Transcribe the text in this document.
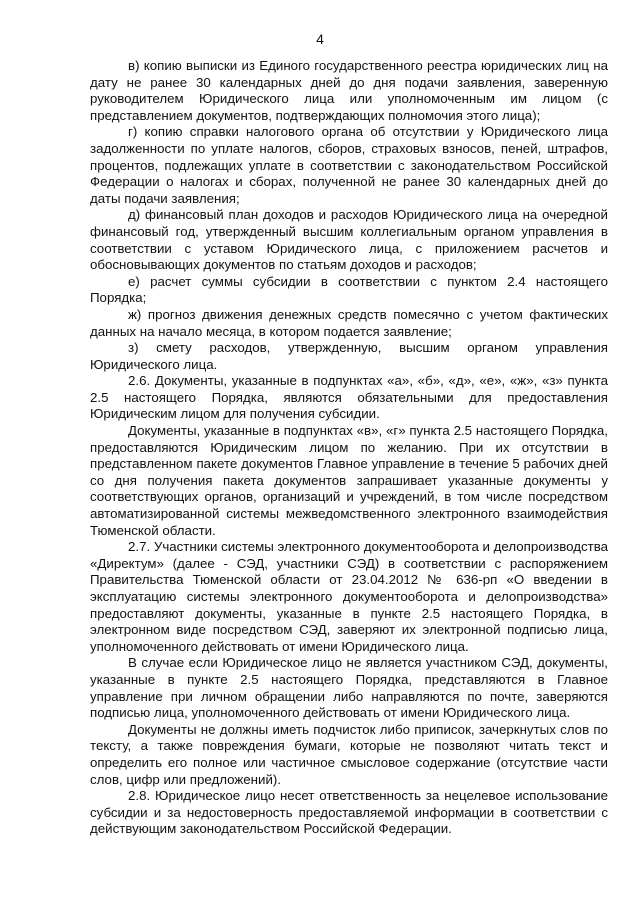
4

в) копию выписки из Единого государственного реестра юридических лиц на дату не ранее 30 календарных дней до дня подачи заявления, заверенную руководителем Юридического лица или уполномоченным им лицом (с представлением документов, подтверждающих полномочия этого лица);

г) копию справки налогового органа об отсутствии у Юридического лица задолженности по уплате налогов, сборов, страховых взносов, пеней, штрафов, процентов, подлежащих уплате в соответствии с законодательством Российской Федерации о налогах и сборах, полученной не ранее 30 календарных дней до даты подачи заявления;

д) финансовый план доходов и расходов Юридического лица на очередной финансовый год, утвержденный высшим коллегиальным органом управления в соответствии с уставом Юридического лица, с приложением расчетов и обосновывающих документов по статьям доходов и расходов;

е) расчет суммы субсидии в соответствии с пунктом 2.4 настоящего Порядка;

ж) прогноз движения денежных средств помесячно с учетом фактических данных на начало месяца, в котором подается заявление;

з) смету расходов, утвержденную, высшим органом управления Юридического лица.

2.6. Документы, указанные в подпунктах «а», «б», «д», «е», «ж», «з» пункта 2.5 настоящего Порядка, являются обязательными для предоставления Юридическим лицом для получения субсидии.

Документы, указанные в подпунктах «в», «г» пункта 2.5 настоящего Порядка, предоставляются Юридическим лицом по желанию. При их отсутствии в представленном пакете документов Главное управление в течение 5 рабочих дней со дня получения пакета документов запрашивает указанные документы у соответствующих органов, организаций и учреждений, в том числе посредством автоматизированной системы межведомственного электронного взаимодействия Тюменской области.

2.7. Участники системы электронного документооборота и делопроизводства «Директум» (далее - СЭД, участники СЭД) в соответствии с распоряжением Правительства Тюменской области от 23.04.2012 № 636-рп «О введении в эксплуатацию системы электронного документооборота и делопроизводства» предоставляют документы, указанные в пункте 2.5 настоящего Порядка, в электронном виде посредством СЭД, заверяют их электронной подписью лица, уполномоченного действовать от имени Юридического лица.

В случае если Юридическое лицо не является участником СЭД, документы, указанные в пункте 2.5 настоящего Порядка, представляются в Главное управление при личном обращении либо направляются по почте, заверяются подписью лица, уполномоченного действовать от имени Юридического лица.

Документы не должны иметь подчисток либо приписок, зачеркнутых слов по тексту, а также повреждения бумаги, которые не позволяют читать текст и определить его полное или частичное смысловое содержание (отсутствие части слов, цифр или предложений).

2.8. Юридическое лицо несет ответственность за нецелевое использование субсидии и за недостоверность предоставляемой информации в соответствии с действующим законодательством Российской Федерации.
